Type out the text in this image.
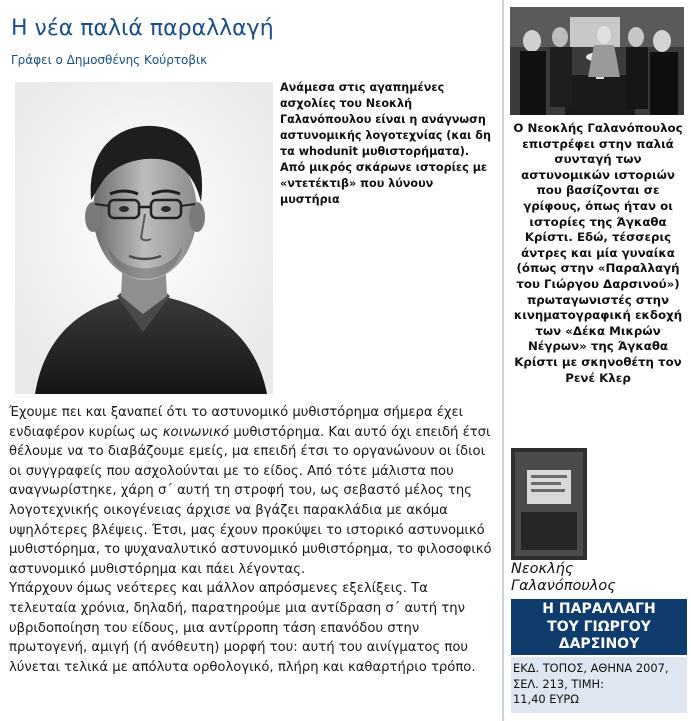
Η νέα παλιά παραλλαγή
Γράφει ο Δημοσθένης Κούρτοβικ
Ανάμεσα στις αγαπημένες ασχολίες του Νεοκλή Γαλανόπουλου είναι η ανάγνωση αστυνομικής λογοτεχνίας (και δη τα whodunit μυθιστορήματα). Από μικρός σκάρωνε ιστορίες με «ντετέκτιβ» που λύνουν μυστήρια

Έχουμε πει και ξαναπεί ότι το αστυνομικό μυθιστόρημα σήμερα έχει ενδιαφέρον κυρίως ως κοινωνικό μυθιστόρημα. Και αυτό όχι επειδή έτσι θέλουμε να το διαβάζουμε εμείς, μα επειδή έτσι το οργανώνουν οι ίδιοι οι συγγραφείς που ασχολούνται με το είδος. Από τότε μάλιστα που αναγνωρίστηκε, χάρη σ΄ αυτή τη στροφή του, ως σεβαστό μέλος της λογοτεχνικής οικογένειας άρχισε να βγάζει παρακλάδια με ακόμα υψηλότερες βλέψεις. Έτσι, μας έχουν προκύψει το ιστορικό αστυνομικό μυθιστόρημα, το ψυχαναλυτικό αστυνομικό μυθιστόρημα, το φιλοσοφικό αστυνομικό μυθιστόρημα και πάει λέγοντας.

Υπάρχουν όμως νεότερες και μάλλον απρόσμενες εξελίξεις. Τα τελευταία χρόνια, δηλαδή, παρατηρούμε μια αντίδραση σ΄ αυτή την υβριδοποίηση του είδους, μια αντίρροπη τάση επανόδου στην πρωτογενή, αμιγή (ή ανόθευτη) μορφή του: αυτή του αινίγματος που λύνεται τελικά με απόλυτα ορθολογικό, πλήρη και καθαρτήριο τρόπο.

Ο Νεοκλής Γαλανόπουλος επιστρέφει στην παλιά συνταγή των αστυνομικών ιστοριών που βασίζονται σε γρίφους, όπως ήταν οι ιστορίες της Άγκαθα Κρίστι. Εδώ, τέσσερις άντρες και μία γυναίκα (όπως στην «Παραλλαγή του Γιώργου Δαρσινού») πρωταγωνιστές στην κινηματογραφική εκδοχή των «Δέκα Μικρών Νέγρων» της Άγκαθα Κρίστι με σκηνοθέτη τον Ρενέ Κλερ
Νεοκλής
Γαλανόπουλος
Η ΠΑΡΑΛΛΑΓΗ
ΤΟΥ ΓΙΩΡΓΟΥ
ΔΑΡΣΙΝΟΥ
ΕΚΔ. ΤΟΠΟΣ, ΑΘΗΝΑ 2007,
ΣΕΛ. 213, ΤΙΜΗ:
11,40 ΕΥΡΩ
